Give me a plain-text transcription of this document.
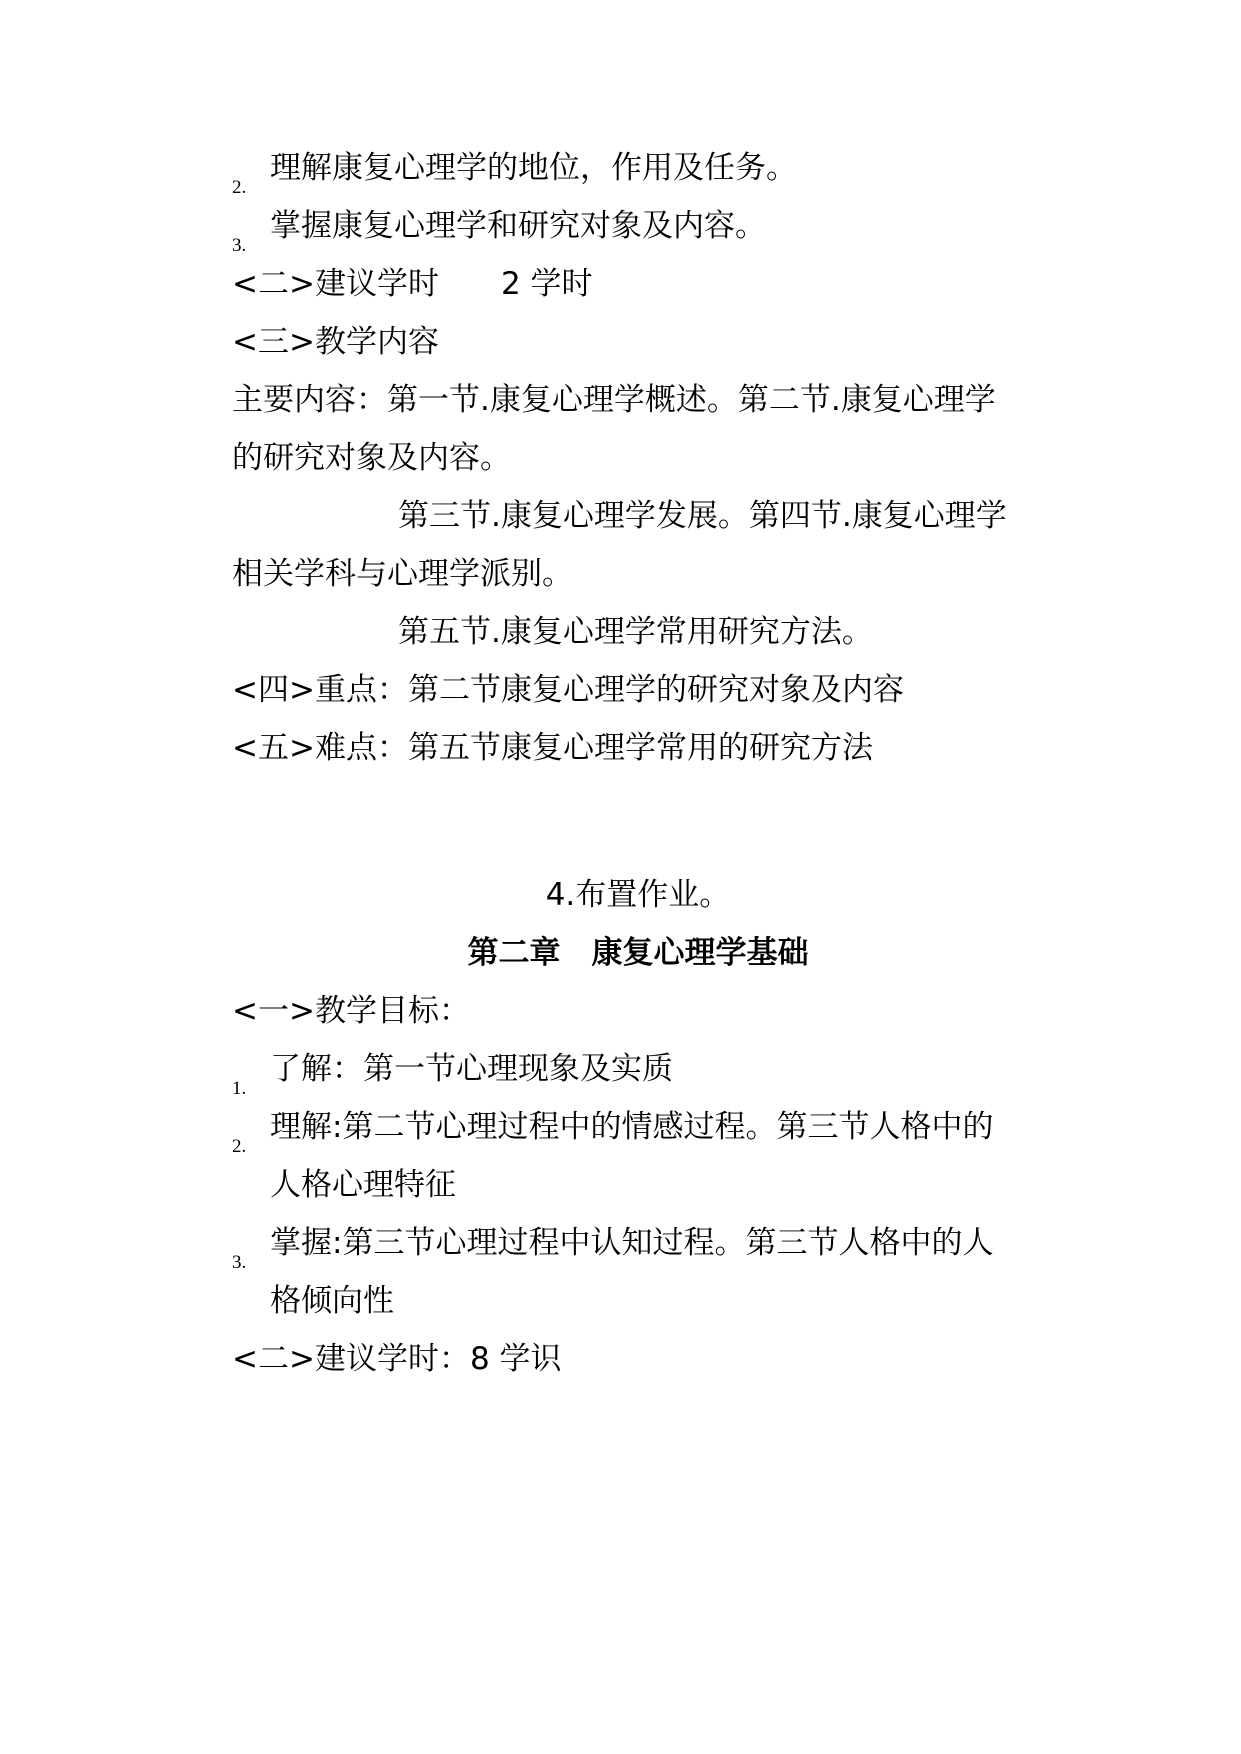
2.
理解康复心理学的地位，作用及任务。
3.
掌握康复心理学和研究对象及内容。
<二>建议学时　　2 学时
<三>教学内容
主要内容：第一节.康复心理学概述。第二节.康复心理学
的研究对象及内容。
第三节.康复心理学发展。第四节.康复心理学
相关学科与心理学派别。
第五节.康复心理学常用研究方法。
<四>重点：第二节康复心理学的研究对象及内容
<五>难点：第五节康复心理学常用的研究方法
4.布置作业。
第二章　康复心理学基础
<一>教学目标：
1.
了解：第一节心理现象及实质
2.
理解:第二节心理过程中的情感过程。第三节人格中的
人格心理特征
3.
掌握:第三节心理过程中认知过程。第三节人格中的人
格倾向性
<二>建议学时：8 学识
